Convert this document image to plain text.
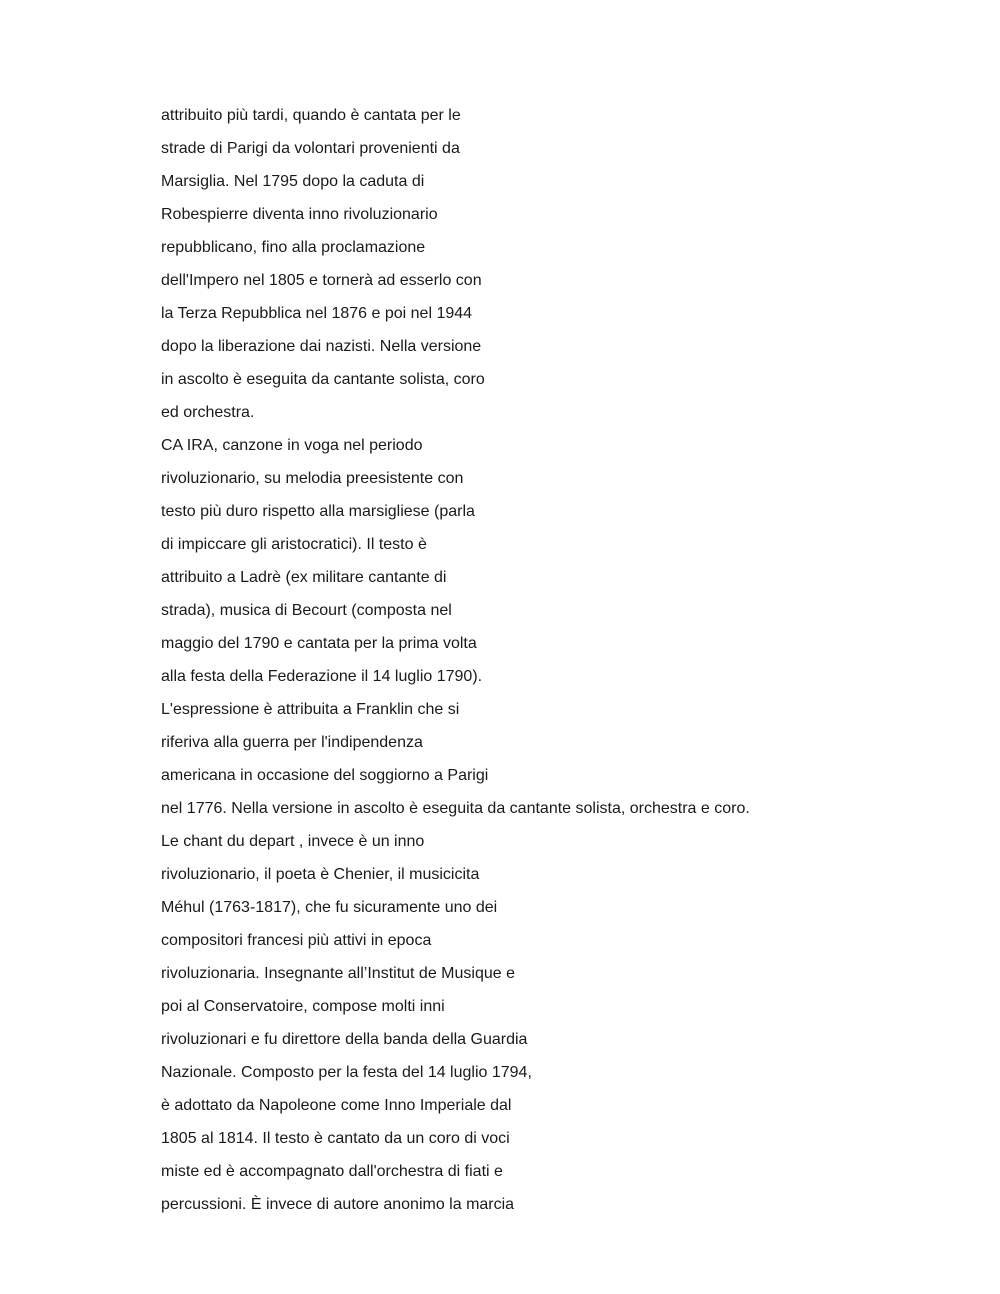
attribuito più tardi, quando è cantata per le
strade di Parigi da volontari provenienti da
Marsiglia. Nel 1795 dopo la caduta di
Robespierre diventa inno rivoluzionario
repubblicano, fino alla proclamazione
dell'Impero nel 1805 e tornerà ad esserlo con
la Terza Repubblica nel 1876 e poi nel 1944
dopo la liberazione dai nazisti. Nella versione
in ascolto è eseguita da cantante solista, coro
ed orchestra.
CA IRA, canzone in voga nel periodo
rivoluzionario, su melodia preesistente con
testo più duro rispetto alla marsigliese (parla
di impiccare gli aristocratici). Il testo è
attribuito a Ladrè (ex militare cantante di
strada), musica di Becourt (composta nel
maggio del 1790 e cantata per la prima volta
alla festa della Federazione il 14 luglio 1790).
L'espressione è attribuita a Franklin che si
riferiva alla guerra per l'indipendenza
americana in occasione del soggiorno a Parigi
nel 1776. Nella versione in ascolto è eseguita da cantante solista, orchestra e coro.
Le chant du depart , invece è un inno
rivoluzionario, il poeta è Chenier, il musicicita
Méhul (1763-1817), che fu sicuramente uno dei
compositori francesi più attivi in epoca
rivoluzionaria. Insegnante all’Institut de Musique e
poi al Conservatoire, compose molti inni
rivoluzionari e fu direttore della banda della Guardia
Nazionale. Composto per la festa del 14 luglio 1794,
è adottato da Napoleone come Inno Imperiale dal
1805 al 1814. Il testo è cantato da un coro di voci
miste ed è accompagnato dall'orchestra di fiati e
percussioni. È invece di autore anonimo la marcia
